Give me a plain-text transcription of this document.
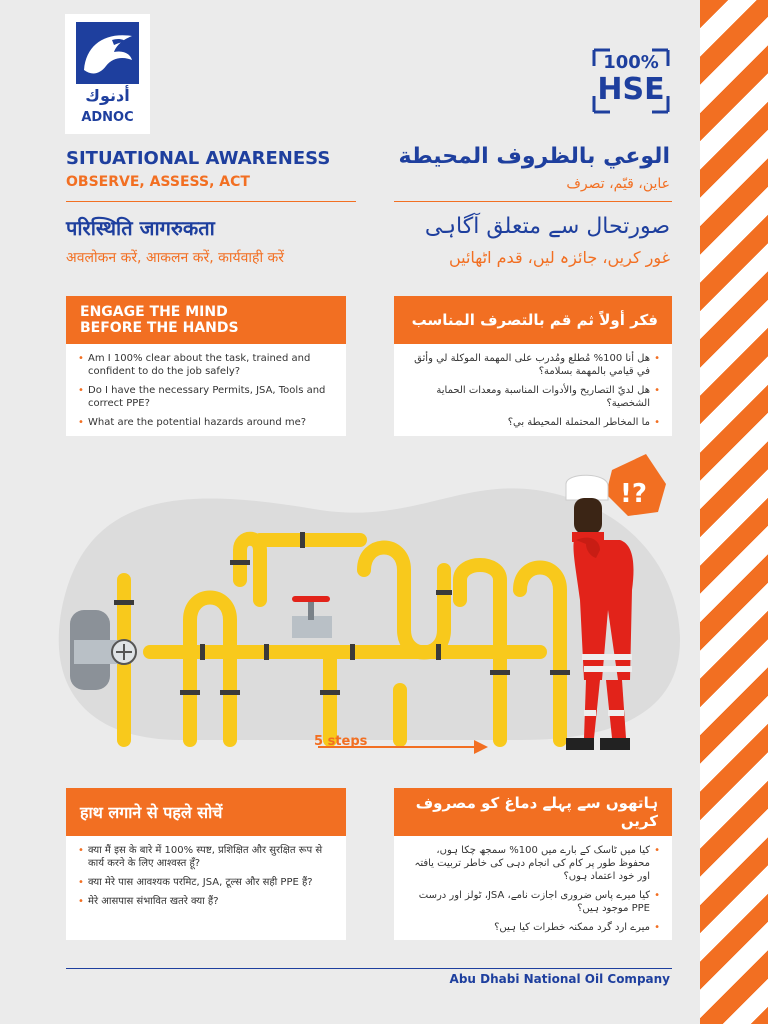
أدنوك
ADNOC
100%
HSE
SITUATIONAL AWARENESS
OBSERVE, ASSESS, ACT
الوعي بالظروف المحيطة
عاين، قيّم، تصرف
परिस्थिति जागरुकता
अवलोकन करें, आकलन करें, कार्यवाही करें
صورتحال سے متعلق آگاہی
غور کریں، جائزہ لیں، قدم اٹھائیں
ENGAGE THE MIND
BEFORE THE HANDS
• Am I 100% clear about the task, trained and confident to do the job safely?
• Do I have the necessary Permits, JSA, Tools and correct PPE?
• What are the potential hazards around me?
فكر أولاً ثم قم بالتصرف المناسب
• هل أنا 100% مُطلع ومُدرب على المهمة الموكلة لي وأثق في قيامي بالمهمة بسلامة؟
• هل لديّ التصاريح والأدوات المناسبة ومعدات الحماية الشخصية؟
• ما المخاطر المحتملة المحيطة بي؟
!?
5 steps
हाथ लगाने से पहले सोचें
• क्या मैं इस के बारे में 100% स्पष्ट, प्रशिक्षित और सुरक्षित रूप से कार्य करने के लिए आश्वस्त हूँ?
• क्या मेरे पास आवश्यक परमिट, JSA, टूल्स और सही PPE हैं?
• मेरे आसपास संभावित खतरे क्या हैं?
ہاتھوں سے پہلے دماغ کو مصروف کریں
• کیا میں ٹاسک کے بارے میں 100% سمجھ چکا ہوں، محفوظ طور پر کام کی انجام دہی کی خاطر تربیت یافتہ اور خود اعتماد ہوں؟
• کیا میرے پاس ضروری اجازت نامے، JSA، ٹولز اور درست PPE موجود ہیں؟
• میرے ارد گرد ممکنہ خطرات کیا ہیں؟
Abu Dhabi National Oil Company
